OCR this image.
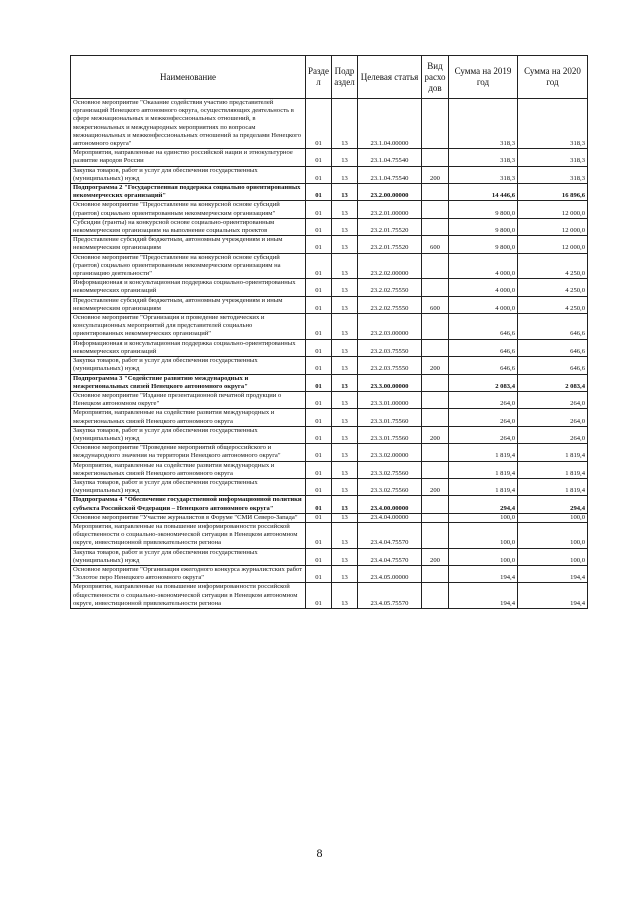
Наименование	Разде л	Подр аздел	Целевая статья	Вид расхо дов	Сумма на 2019 год	Сумма на 2020 год
Основное мероприятие "Оказание содействия участию представителей организаций Ненецкого автономного округа, осуществляющих деятельность в сфере межнациональных и межконфессиональных отношений, в межрегиональных и международных мероприятиях по вопросам межнациональных и межконфессиональных отношений за пределами Ненецкого автономного округа"	01	13	23.1.04.00000		318,3	318,3
Мероприятия, направленные на единство российской нации и этнокультурное развитие народов России	01	13	23.1.04.75540		318,3	318,3
Закупка товаров, работ и услуг для обеспечения государственных (муниципальных) нужд	01	13	23.1.04.75540	200	318,3	318,3
Подпрограмма 2 "Государственная поддержка социально ориентированных некоммерческих организаций"	01	13	23.2.00.00000		14 446,6	16 896,6
Основное мероприятие "Предоставление на конкурсной основе субсидий (грантов) социально ориентированным некоммерческим организациям"	01	13	23.2.01.00000		9 800,0	12 000,0
Субсидии (гранты) на конкурсной основе социально-ориентированным некоммерческим организациям на выполнение социальных проектов	01	13	23.2.01.75520		9 800,0	12 000,0
Предоставление субсидий бюджетным, автономным учреждениям и иным некоммерческим организациям	01	13	23.2.01.75520	600	9 800,0	12 000,0
Основное мероприятие "Предоставление на конкурсной основе субсидий (грантов) социально ориентированным некоммерческим организациям на организацию деятельности"	01	13	23.2.02.00000		4 000,0	4 250,0
Информационная и консультационная поддержка социально-ориентированных некоммерческих организаций	01	13	23.2.02.75550		4 000,0	4 250,0
Предоставление субсидий бюджетным, автономным учреждениям и иным некоммерческим организациям	01	13	23.2.02.75550	600	4 000,0	4 250,0
Основное мероприятие "Организация и проведение методических и консультационных мероприятий для представителей социально ориентированных некоммерческих организаций"	01	13	23.2.03.00000		646,6	646,6
Информационная и консультационная поддержка социально-ориентированных некоммерческих организаций	01	13	23.2.03.75550		646,6	646,6
Закупка товаров, работ и услуг для обеспечения государственных (муниципальных) нужд	01	13	23.2.03.75550	200	646,6	646,6
Подпрограмма 3 "Содействие развитию международных и межрегиональных связей Ненецкого автономного округа"	01	13	23.3.00.00000		2 083,4	2 083,4
Основное мероприятие "Издание презентационной печатной продукции о Ненецком автономном округе"	01	13	23.3.01.00000		264,0	264,0
Мероприятия, направленные на содействие развития международных и межрегиональных связей Ненецкого автономного округа	01	13	23.3.01.75560		264,0	264,0
Закупка товаров, работ и услуг для обеспечения государственных (муниципальных) нужд	01	13	23.3.01.75560	200	264,0	264,0
Основное мероприятие "Проведение мероприятий общероссийского и международного значения на территории Ненецкого автономного округа"	01	13	23.3.02.00000		1 819,4	1 819,4
Мероприятия, направленные на содействие развития международных и межрегиональных связей Ненецкого автономного округа	01	13	23.3.02.75560		1 819,4	1 819,4
Закупка товаров, работ и услуг для обеспечения государственных (муниципальных) нужд	01	13	23.3.02.75560	200	1 819,4	1 819,4
Подпрограмма 4 "Обеспечение государственной информационной политики субъекта Российской Федерации – Ненецкого автономного округа"	01	13	23.4.00.00000		294,4	294,4
Основное мероприятие "Участие журналистов в Форуме "СМИ Северо-Запада"	01	13	23.4.04.00000		100,0	100,0
Мероприятия, направленные на повышение информированности российской общественности о социально-экономической ситуации в Ненецком автономном округе, инвестиционной привлекательности региона	01	13	23.4.04.75570		100,0	100,0
Закупка товаров, работ и услуг для обеспечения государственных (муниципальных) нужд	01	13	23.4.04.75570	200	100,0	100,0
Основное мероприятие "Организация ежегодного конкурса журналистских работ "Золотое перо Ненецкого автономного округа"	01	13	23.4.05.00000		194,4	194,4
Мероприятия, направленные на повышение информированности российской общественности о социально-экономической ситуации в Ненецком автономном округе, инвестиционной привлекательности региона	01	13	23.4.05.75570		194,4	194,4
8
